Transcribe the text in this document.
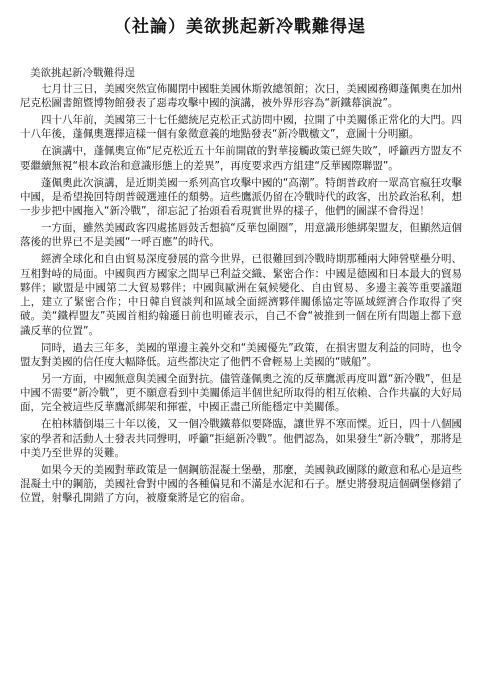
（社論）美欲挑起新冷戰難得逞
美欲挑起新冷戰難得逞

七月廿三日，美國突然宣佈關閉中國駐美國休斯敦總領館；次日，美國國務卿蓬佩奧在加州尼克松圖書館暨博物館發表了惡毒攻擊中國的演講，被外界形容為“新鐵幕演說”。

四十八年前，美國第三十七任總統尼克松正式訪問中國，拉開了中美關係正常化的大門。四十八年後，蓬佩奧選擇這樣一個有象徵意義的地點發表“新冷戰檄文”，意圖十分明顯。

在演講中，蓬佩奧宣佈“尼克松近五十年前開啟的對華接觸政策已經失敗”，呼籲西方盟友不要繼續無視“根本政治和意識形態上的差異”，再度要求西方組建“反華國際聯盟”。

蓬佩奧此次演講，是近期美國一系列高官攻擊中國的“高潮”。特朗普政府一眾高官瘋狂攻擊中國，是希望挽回特朗普競選連任的頹勢。這些鷹派仍留在冷戰時代的政客，出於政治私利，想一步步把中國拖入“新冷戰”，卻忘記了抬頭看看現實世界的樣子，他們的圖謀不會得逞！

一方面，雖然美國政客四處搖唇鼓舌想搞“反華包圍圈”，用意識形態綁架盟友，但顯然這個落後的世界已不是美國“一呼百應”的時代。

經濟全球化和自由貿易深度發展的當今世界，已很難回到冷戰時期那種兩大陣營壁壘分明、互相對峙的局面。中國與西方國家之間早已利益交織、緊密合作：中國是德國和日本最大的貿易夥伴；歐盟是中國第二大貿易夥伴；中國與歐洲在氣候變化、自由貿易、多邊主義等重要議題上，建立了緊密合作；中日韓自貿談判和區域全面經濟夥伴關係協定等區域經濟合作取得了突破。美“鐵桿盟友”英國首相約翰遜日前也明確表示，自己不會“被推到一個在所有問題上都下意識反華的位置”。

同時，過去三年多，美國的單邊主義外交和“美國優先”政策，在損害盟友利益的同時，也令盟友對美國的信任度大幅降低。這些都決定了他們不會輕易上美國的“賊船”。

另一方面，中國無意與美國全面對抗。儘管蓬佩奧之流的反華鷹派再度叫囂“新冷戰”，但是中國不需要“新冷戰”，更不願意看到中美關係這半個世紀所取得的相互依賴、合作共贏的大好局面，完全被這些反華鷹派綁架和揮霍，中國正盡己所能穩定中美關係。

在柏林牆倒塌三十年以後，又一個冷戰鐵幕似要降臨，讓世界不寒而慄。近日，四十八個國家的學者和活動人士發表共同聲明，呼籲“拒絕新冷戰”。他們認為，如果發生“新冷戰”，那將是中美乃至世界的災難。

如果今天的美國對華政策是一個鋼筋混凝土堡壘，那麼，美國執政團隊的敵意和私心是這些混凝土中的鋼筋，美國社會對中國的各種偏見和不滿是水泥和石子。歷史將發現這個碉堡修錯了位置，射擊孔開錯了方向，被廢棄將是它的宿命。
